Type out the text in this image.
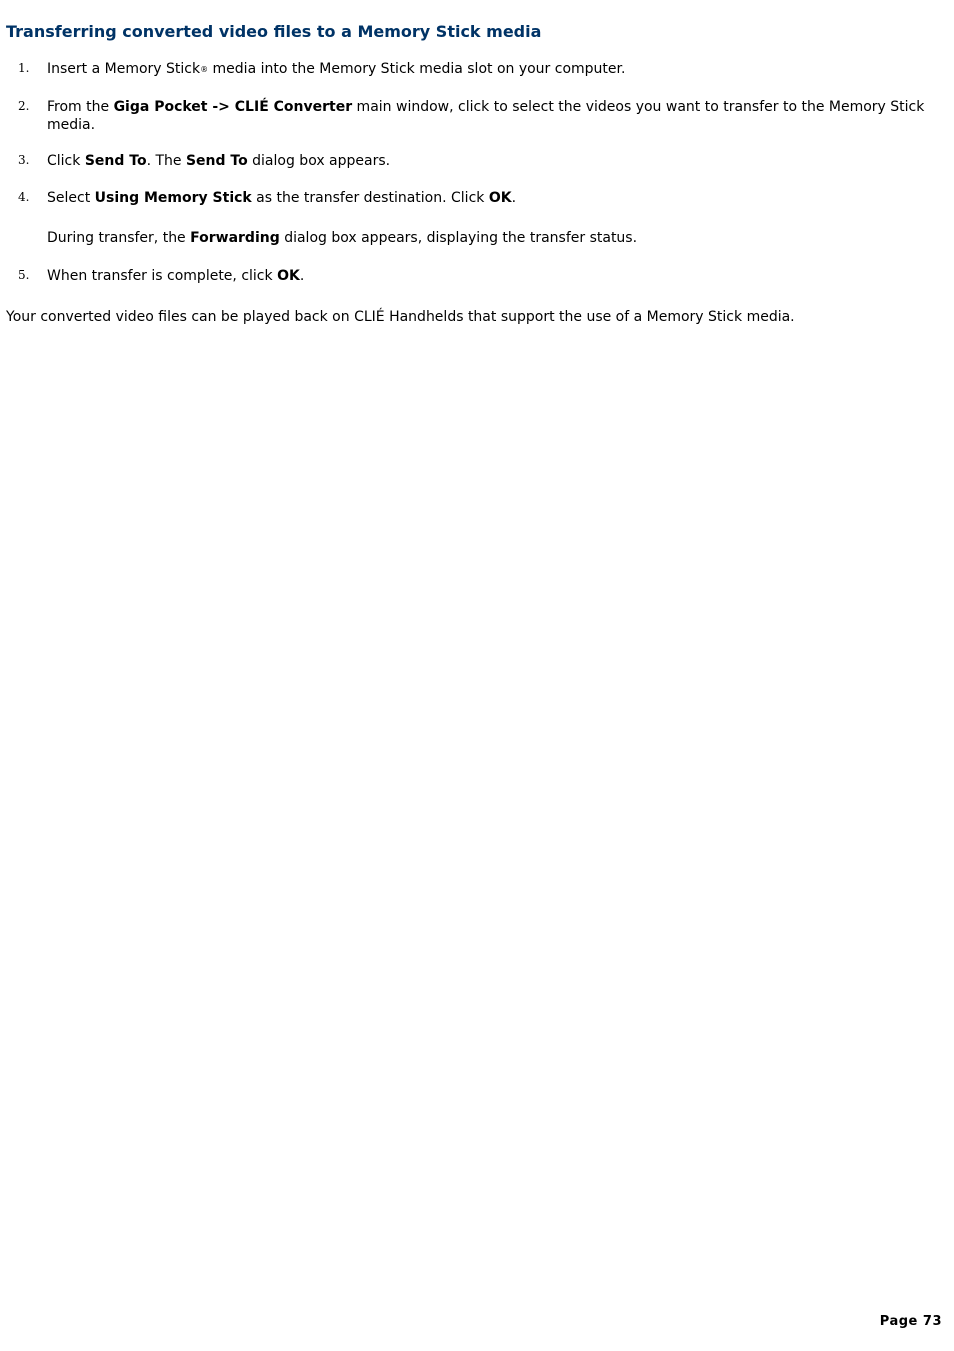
Transferring converted video files to a Memory Stick media
1. Insert a Memory Stick® media into the Memory Stick media slot on your computer.
2. From the Giga Pocket -> CLIÉ Converter main window, click to select the videos you want to transfer to the Memory Stick media.
3. Click Send To. The Send To dialog box appears.
4. Select Using Memory Stick as the transfer destination. Click OK.
During transfer, the Forwarding dialog box appears, displaying the transfer status.
5. When transfer is complete, click OK.

Your converted video files can be played back on CLIÉ Handhelds that support the use of a Memory Stick media.

Page 73
